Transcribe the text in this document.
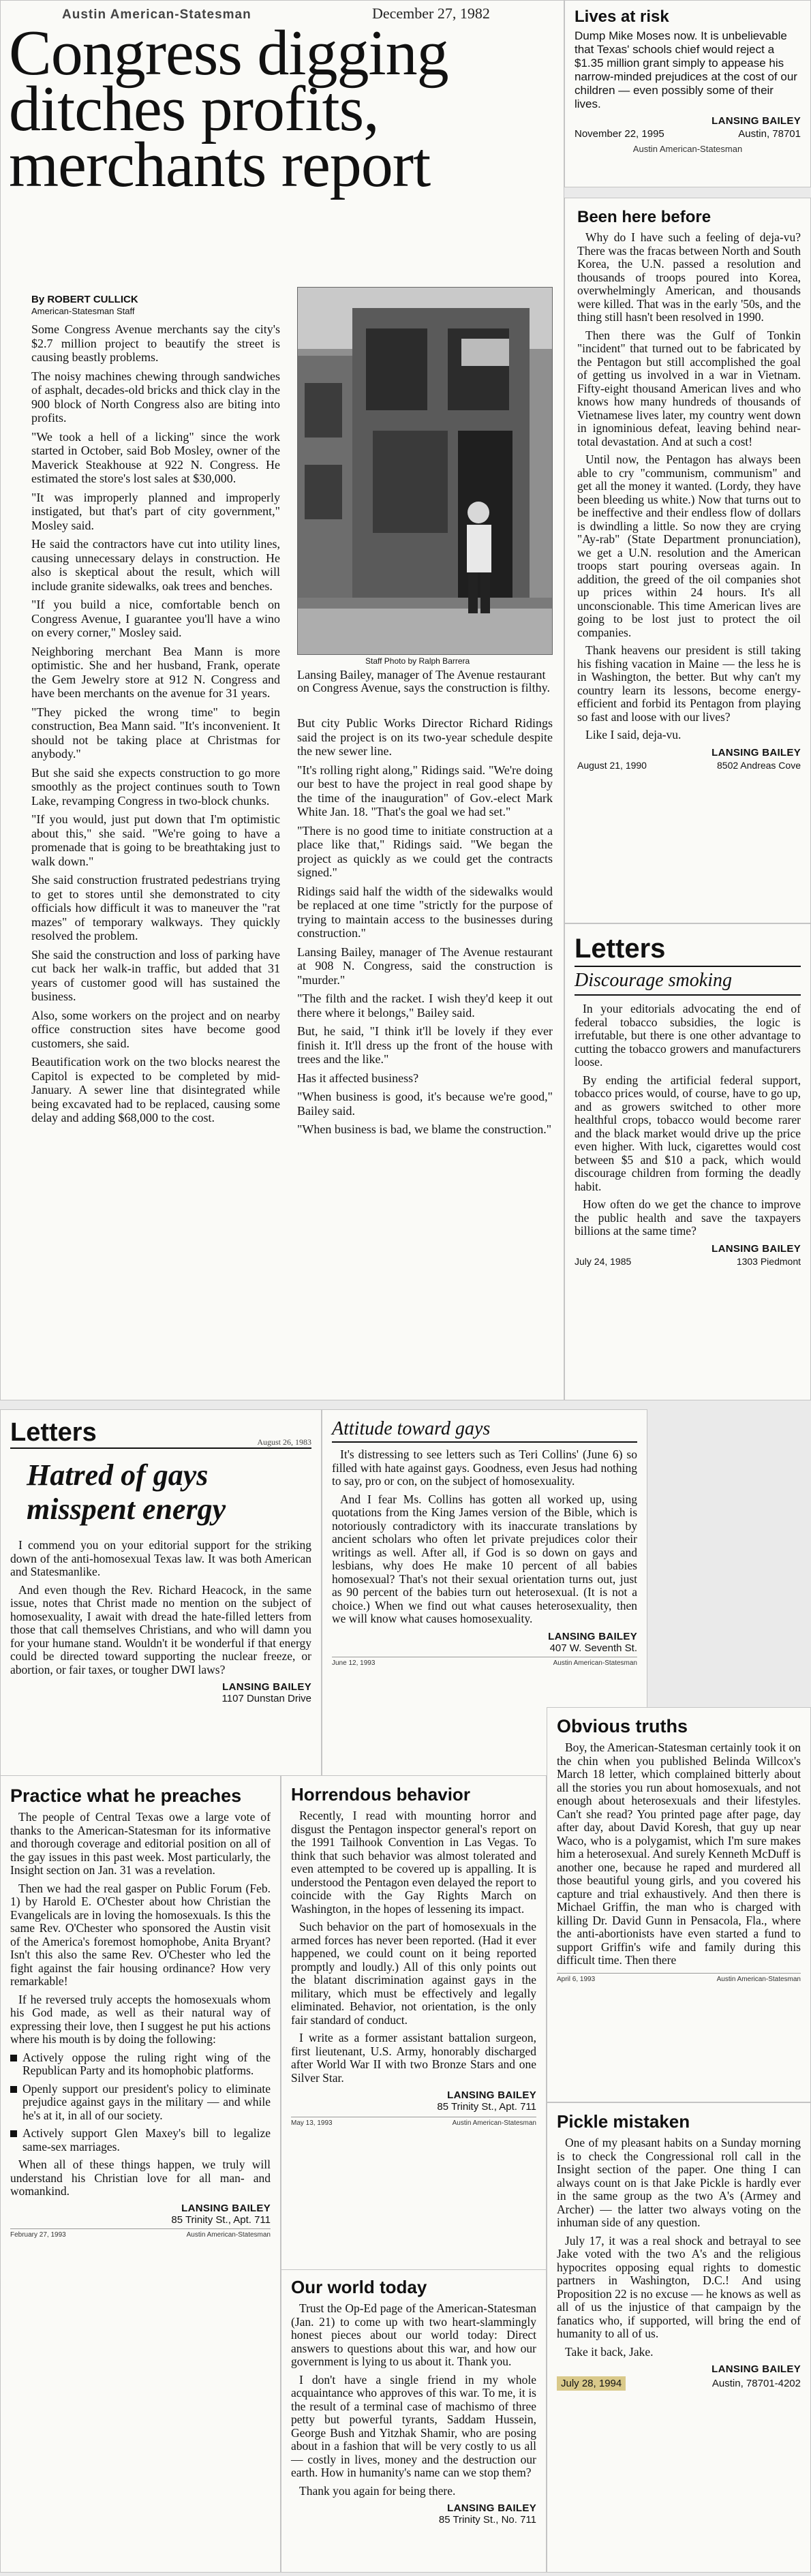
Austin American-Statesman	December 27, 1982
Congress digging ditches profits, merchants report
By ROBERT CULLICK
American-Statesman Staff

Some Congress Avenue merchants say the city's $2.7 million project to beautify the street is causing beastly problems.

The noisy machines chewing through sandwiches of asphalt, decades-old bricks and thick clay in the 900 block of North Congress also are biting into profits.

"We took a hell of a licking" since the work started in October, said Bob Mosley, owner of the Maverick Steakhouse at 922 N. Congress. He estimated the store's lost sales at $30,000.

"It was improperly planned and improperly instigated, but that's part of city government," Mosley said.

He said the contractors have cut into utility lines, causing unnecessary delays in construction. He also is skeptical about the result, which will include granite sidewalks, oak trees and benches.

"If you build a nice, comfortable bench on Congress Avenue, I guarantee you'll have a wino on every corner," Mosley said.

Neighboring merchant Bea Mann is more optimistic. She and her husband, Frank, operate the Gem Jewelry store at 912 N. Congress and have been merchants on the avenue for 31 years.

"They picked the wrong time" to begin construction, Bea Mann said. "It's inconvenient. It should not be taking place at Christmas for anybody."

But she said she expects construction to go more smoothly as the project continues south to Town Lake, revamping Congress in two-block chunks.

"If you would, just put down that I'm optimistic about this," she said. "We're going to have a promenade that is going to be breathtaking just to walk down."

She said construction frustrated pedestrians trying to get to stores until she demonstrated to city officials how difficult it was to maneuver the "rat mazes" of temporary walkways. They quickly resolved the problem.

She said the construction and loss of parking have cut back her walk-in traffic, but added that 31 years of customer good will has sustained the business.

Also, some workers on the project and on nearby office construction sites have become good customers, she said.

Beautification work on the two blocks nearest the Capitol is expected to be completed by mid-January. A sewer line that disintegrated while being excavated had to be replaced, causing some delay and adding $68,000 to the cost.

Staff Photo by Ralph Barrera
Lansing Bailey, manager of The Avenue restaurant on Congress Avenue, says the construction is filthy.

But city Public Works Director Richard Ridings said the project is on its two-year schedule despite the new sewer line.

"It's rolling right along," Ridings said. "We're doing our best to have the project in real good shape by the time of the inauguration" of Gov.-elect Mark White Jan. 18. "That's the goal we had set."

"There is no good time to initiate construction at a place like that," Ridings said. "We began the project as quickly as we could get the contracts signed."

Ridings said half the width of the sidewalks would be replaced at one time "strictly for the purpose of trying to maintain access to the businesses during construction."

Lansing Bailey, manager of The Avenue restaurant at 908 N. Congress, said the construction is "murder."

"The filth and the racket. I wish they'd keep it out there where it belongs," Bailey said.

But, he said, "I think it'll be lovely if they ever finish it. It'll dress up the front of the house with trees and the like."

Has it affected business?

"When business is good, it's because we're good," Bailey said.

"When business is bad, we blame the construction."

Lives at risk
Dump Mike Moses now. It is unbelievable that Texas' schools chief would reject a $1.35 million grant simply to appease his narrow-minded prejudices at the cost of our children — even possibly some of their lives.
LANSING BAILEY
November 22, 1995	Austin, 78701
Austin American-Statesman
Been here before

Why do I have such a feeling of deja-vu? There was the fracas between North and South Korea, the U.N. passed a resolution and thousands of troops poured into Korea, overwhelmingly American, and thousands were killed. That was in the early '50s, and the thing still hasn't been resolved in 1990.

Then there was the Gulf of Tonkin "incident" that turned out to be fabricated by the Pentagon but still accomplished the goal of getting us involved in a war in Vietnam. Fifty-eight thousand American lives and who knows how many hundreds of thousands of Vietnamese lives later, my country went down in ignominious defeat, leaving behind near-total devastation. And at such a cost!

Until now, the Pentagon has always been able to cry "communism, communism" and get all the money it wanted. (Lordy, they have been bleeding us white.) Now that turns out to be ineffective and their endless flow of dollars is dwindling a little. So now they are crying "Ay-rab" (State Department pronunciation), we get a U.N. resolution and the American troops start pouring overseas again. In addition, the greed of the oil companies shot up prices within 24 hours. It's all unconscionable. This time American lives are going to be lost just to protect the oil companies.

Thank heavens our president is still taking his fishing vacation in Maine — the less he is in Washington, the better. But why can't my country learn its lessons, become energy-efficient and forbid its Pentagon from playing so fast and loose with our lives?

Like I said, deja-vu.

LANSING BAILEY
August 21, 1990	8502 Andreas Cove
Letters
Discourage smoking

In your editorials advocating the end of federal tobacco subsidies, the logic is irrefutable, but there is one other advantage to cutting the tobacco growers and manufacturers loose.

By ending the artificial federal support, tobacco prices would, of course, have to go up, and as growers switched to other more healthful crops, tobacco would become rarer and the black market would drive up the price even higher. With luck, cigarettes would cost between $5 and $10 a pack, which would discourage children from forming the deadly habit.

How often do we get the chance to improve the public health and save the taxpayers billions at the same time?

LANSING BAILEY
July 24, 1985	1303 Piedmont
Letters	August 26, 1983
Hatred of gays misspent energy

I commend you on your editorial support for the striking down of the anti-homosexual Texas law. It was both American and Statesmanlike.

And even though the Rev. Richard Heacock, in the same issue, notes that Christ made no mention on the subject of homosexuality, I await with dread the hate-filled letters from those that call themselves Christians, and who will damn you for your humane stand. Wouldn't it be wonderful if that energy could be directed toward supporting the nuclear freeze, or abortion, or fair taxes, or tougher DWI laws?

LANSING BAILEY
1107 Dunstan Drive
Attitude toward gays

It's distressing to see letters such as Teri Collins' (June 6) so filled with hate against gays. Goodness, even Jesus had nothing to say, pro or con, on the subject of homosexuality.

And I fear Ms. Collins has gotten all worked up, using quotations from the King James version of the Bible, which is notoriously contradictory with its inaccurate translations by ancient scholars who often let private prejudices color their writings as well. After all, if God is so down on gays and lesbians, why does He make 10 percent of all babies homosexual? That's not their sexual orientation turns out, just as 90 percent of the babies turn out heterosexual. (It is not a choice.) When we find out what causes heterosexuality, then we will know what causes homosexuality.

LANSING BAILEY
407 W. Seventh St.
June 12, 1993	Austin American-Statesman
Practice what he preaches

The people of Central Texas owe a large vote of thanks to the American-Statesman for its informative and thorough coverage and editorial position on all of the gay issues in this past week. Most particularly, the Insight section on Jan. 31 was a revelation.

Then we had the real gasper on Public Forum (Feb. 1) by Harold E. O'Chester about how Christian the Evangelicals are in loving the homosexuals. Is this the same Rev. O'Chester who sponsored the Austin visit of the America's foremost homophobe, Anita Bryant? Isn't this also the same Rev. O'Chester who led the fight against the fair housing ordinance? How very remarkable!

If he reversed truly accepts the homosexuals whom his God made, as well as their natural way of expressing their love, then I suggest he put his actions where his mouth is by doing the following:

Actively oppose the ruling right wing of the Republican Party and its homophobic platforms.
Openly support our president's policy to eliminate prejudice against gays in the military — and while he's at it, in all of our society.
Actively support Glen Maxey's bill to legalize same-sex marriages.

When all of these things happen, we truly will understand his Christian love for all man- and womankind.

LANSING BAILEY
85 Trinity St., Apt. 711
February 27, 1993	Austin American-Statesman
Horrendous behavior

Recently, I read with mounting horror and disgust the Pentagon inspector general's report on the 1991 Tailhook Convention in Las Vegas. To think that such behavior was almost tolerated and even attempted to be covered up is appalling. It is understood the Pentagon even delayed the report to coincide with the Gay Rights March on Washington, in the hopes of lessening its impact.

Such behavior on the part of homosexuals in the armed forces has never been reported. (Had it ever happened, we could count on it being reported promptly and loudly.) All of this only points out the blatant discrimination against gays in the military, which must be effectively and legally eliminated. Behavior, not orientation, is the only fair standard of conduct.

I write as a former assistant battalion surgeon, first lieutenant, U.S. Army, honorably discharged after World War II with two Bronze Stars and one Silver Star.

LANSING BAILEY
85 Trinity St., Apt. 711
May 13, 1993	Austin American-Statesman
Our world today

Trust the Op-Ed page of the American-Statesman (Jan. 21) to come up with two heart-slammingly honest pieces about our world today: Direct answers to questions about this war, and how our government is lying to us about it. Thank you.

I don't have a single friend in my whole acquaintance who approves of this war. To me, it is the result of a terminal case of machismo of three petty but powerful tyrants, Saddam Hussein, George Bush and Yitzhak Shamir, who are posing about in a fashion that will be very costly to us all — costly in lives, money and the destruction our earth. How in humanity's name can we stop them?

Thank you again for being there.

LANSING BAILEY
85 Trinity St., No. 711
Obvious truths

Boy, the American-Statesman certainly took it on the chin when you published Belinda Willcox's March 18 letter, which complained bitterly about all the stories you run about homosexuals, and not enough about heterosexuals and their lifestyles. Can't she read? You printed page after page, day after day, about David Koresh, that guy up near Waco, who is a polygamist, which I'm sure makes him a heterosexual. And surely Kenneth McDuff is another one, because he raped and murdered all those beautiful young girls, and you covered his capture and trial exhaustively. And then there is Michael Griffin, the man who is charged with killing Dr. David Gunn in Pensacola, Fla., where the anti-abortionists have even started a fund to support Griffin's wife and family during this difficult time. Then there

April 6, 1993	Austin American-Statesman
Pickle mistaken

One of my pleasant habits on a Sunday morning is to check the Congressional roll call in the Insight section of the paper. One thing I can always count on is that Jake Pickle is hardly ever in the same group as the two A's (Armey and Archer) — the latter two always voting on the inhuman side of any question.

July 17, it was a real shock and betrayal to see Jake voted with the two A's and the religious hypocrites opposing equal rights to domestic partners in Washington, D.C.! And using Proposition 22 is no excuse — he knows as well as all of us the injustice of that campaign by the fanatics who, if supported, will bring the end of humanity to all of us.

Take it back, Jake.

LANSING BAILEY
July 28, 1994	Austin, 78701-4202
